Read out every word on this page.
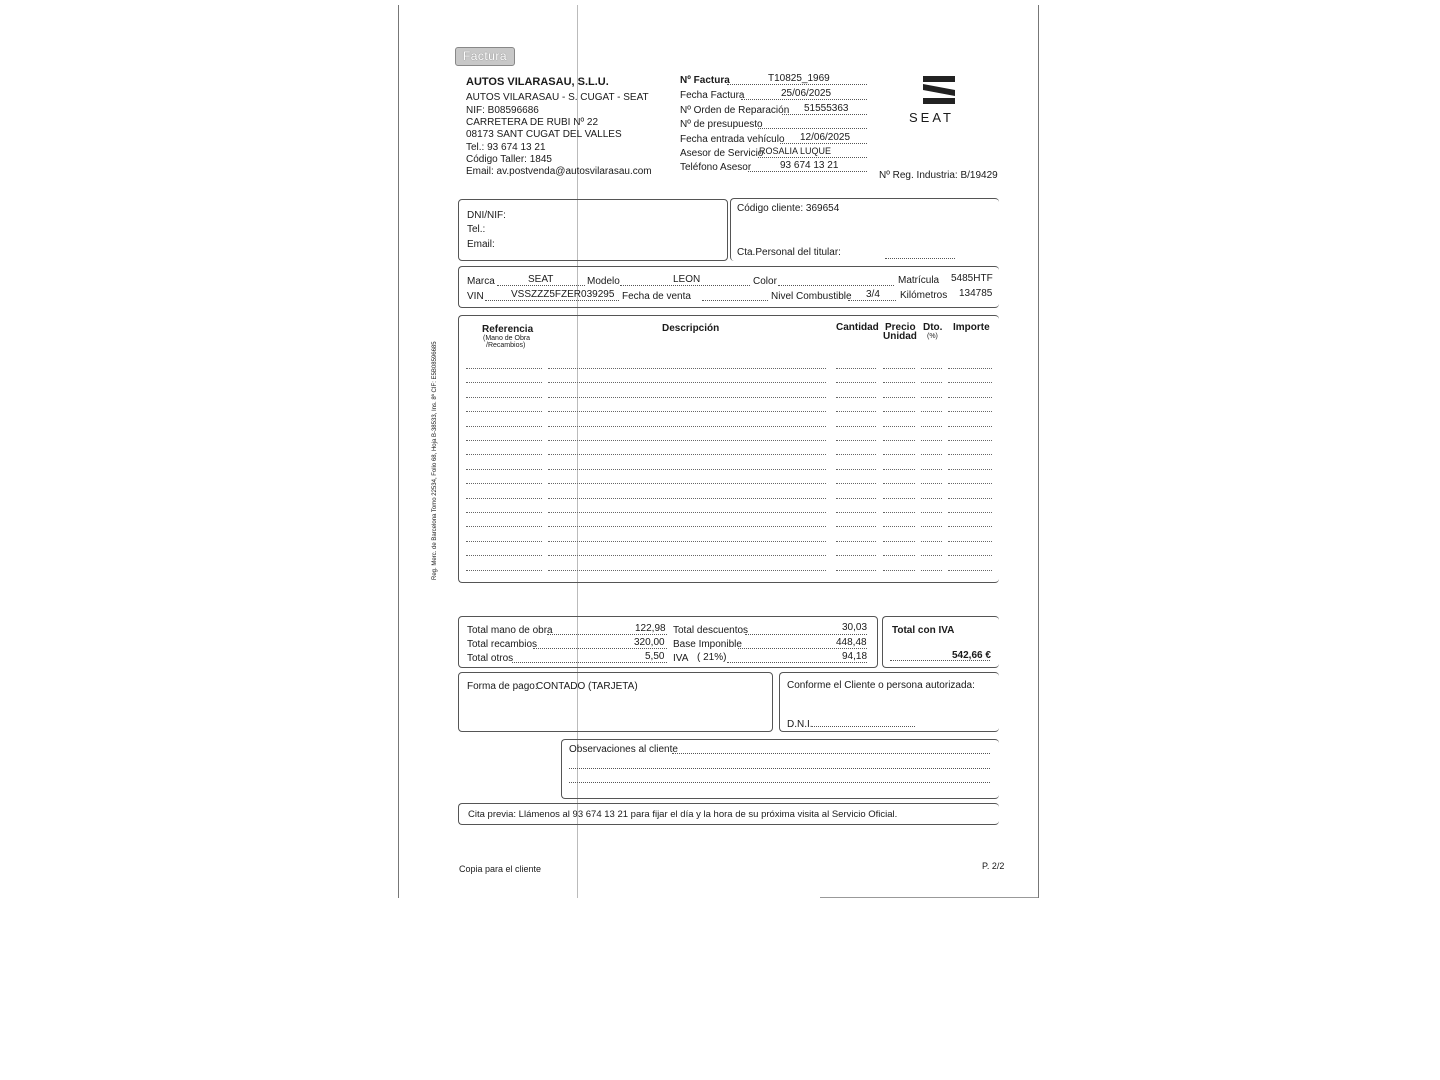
Factura
AUTOS VILARASAU, S.L.U.
AUTOS VILARASAU - S. CUGAT - SEAT
NIF: B08596686
CARRETERA DE RUBI Nº 22
08173 SANT CUGAT DEL VALLES
Tel.: 93 674 13 21
Código Taller: 1845
Email: av.postvenda@autosvilarasau.com
Nº Factura	T10825_1969
Fecha Factura	25/06/2025
Nº Orden de Reparación 51555363
Nº de presupuesto
Fecha entrada vehículo 12/06/2025
Asesor de Servicio
ROSALIA LUQUE
Teléfono Asesor	93 674 13 21
Nº Reg. Industria: B/19429
SEAT
DNI/NIF:
Tel.:
Email:
Código cliente: 369654
Cta.Personal del titular:
Marca	SEAT	Modelo	LEON	Color	Matrícula 5485HTF
VIN	VSSZZZ5FZER039295 Fecha de venta	Nivel Combustible 3/4 Kilómetros 134785
Referencia
(Mano de Obra
/Recambios)
Descripción	Cantidad Precio
Unidad
Dto.
(%)
Importe
Total mano de obra	122,98
Total recambios	320,00
Total otros	5,50
Total descuentos	30,03
Base Imponible	448,48
IVA ( 21%)	94,18
Total con IVA
542,66 €
Forma de pago:
CONTADO (TARJETA)	Conforme el Cliente o persona autorizada:
D.N.I.
Observaciones al cliente
Cita previa: Llámenos al 93 674 13 21 para fijar el día y la hora de su próxima visita al Servicio Oficial.
Copia para el cliente	P. 2/2
Reg. Merc. de Barcelona Tomo 22534, Folio 68, Hoja B-38533, Ins. 8ª CIF: E5B08596685
